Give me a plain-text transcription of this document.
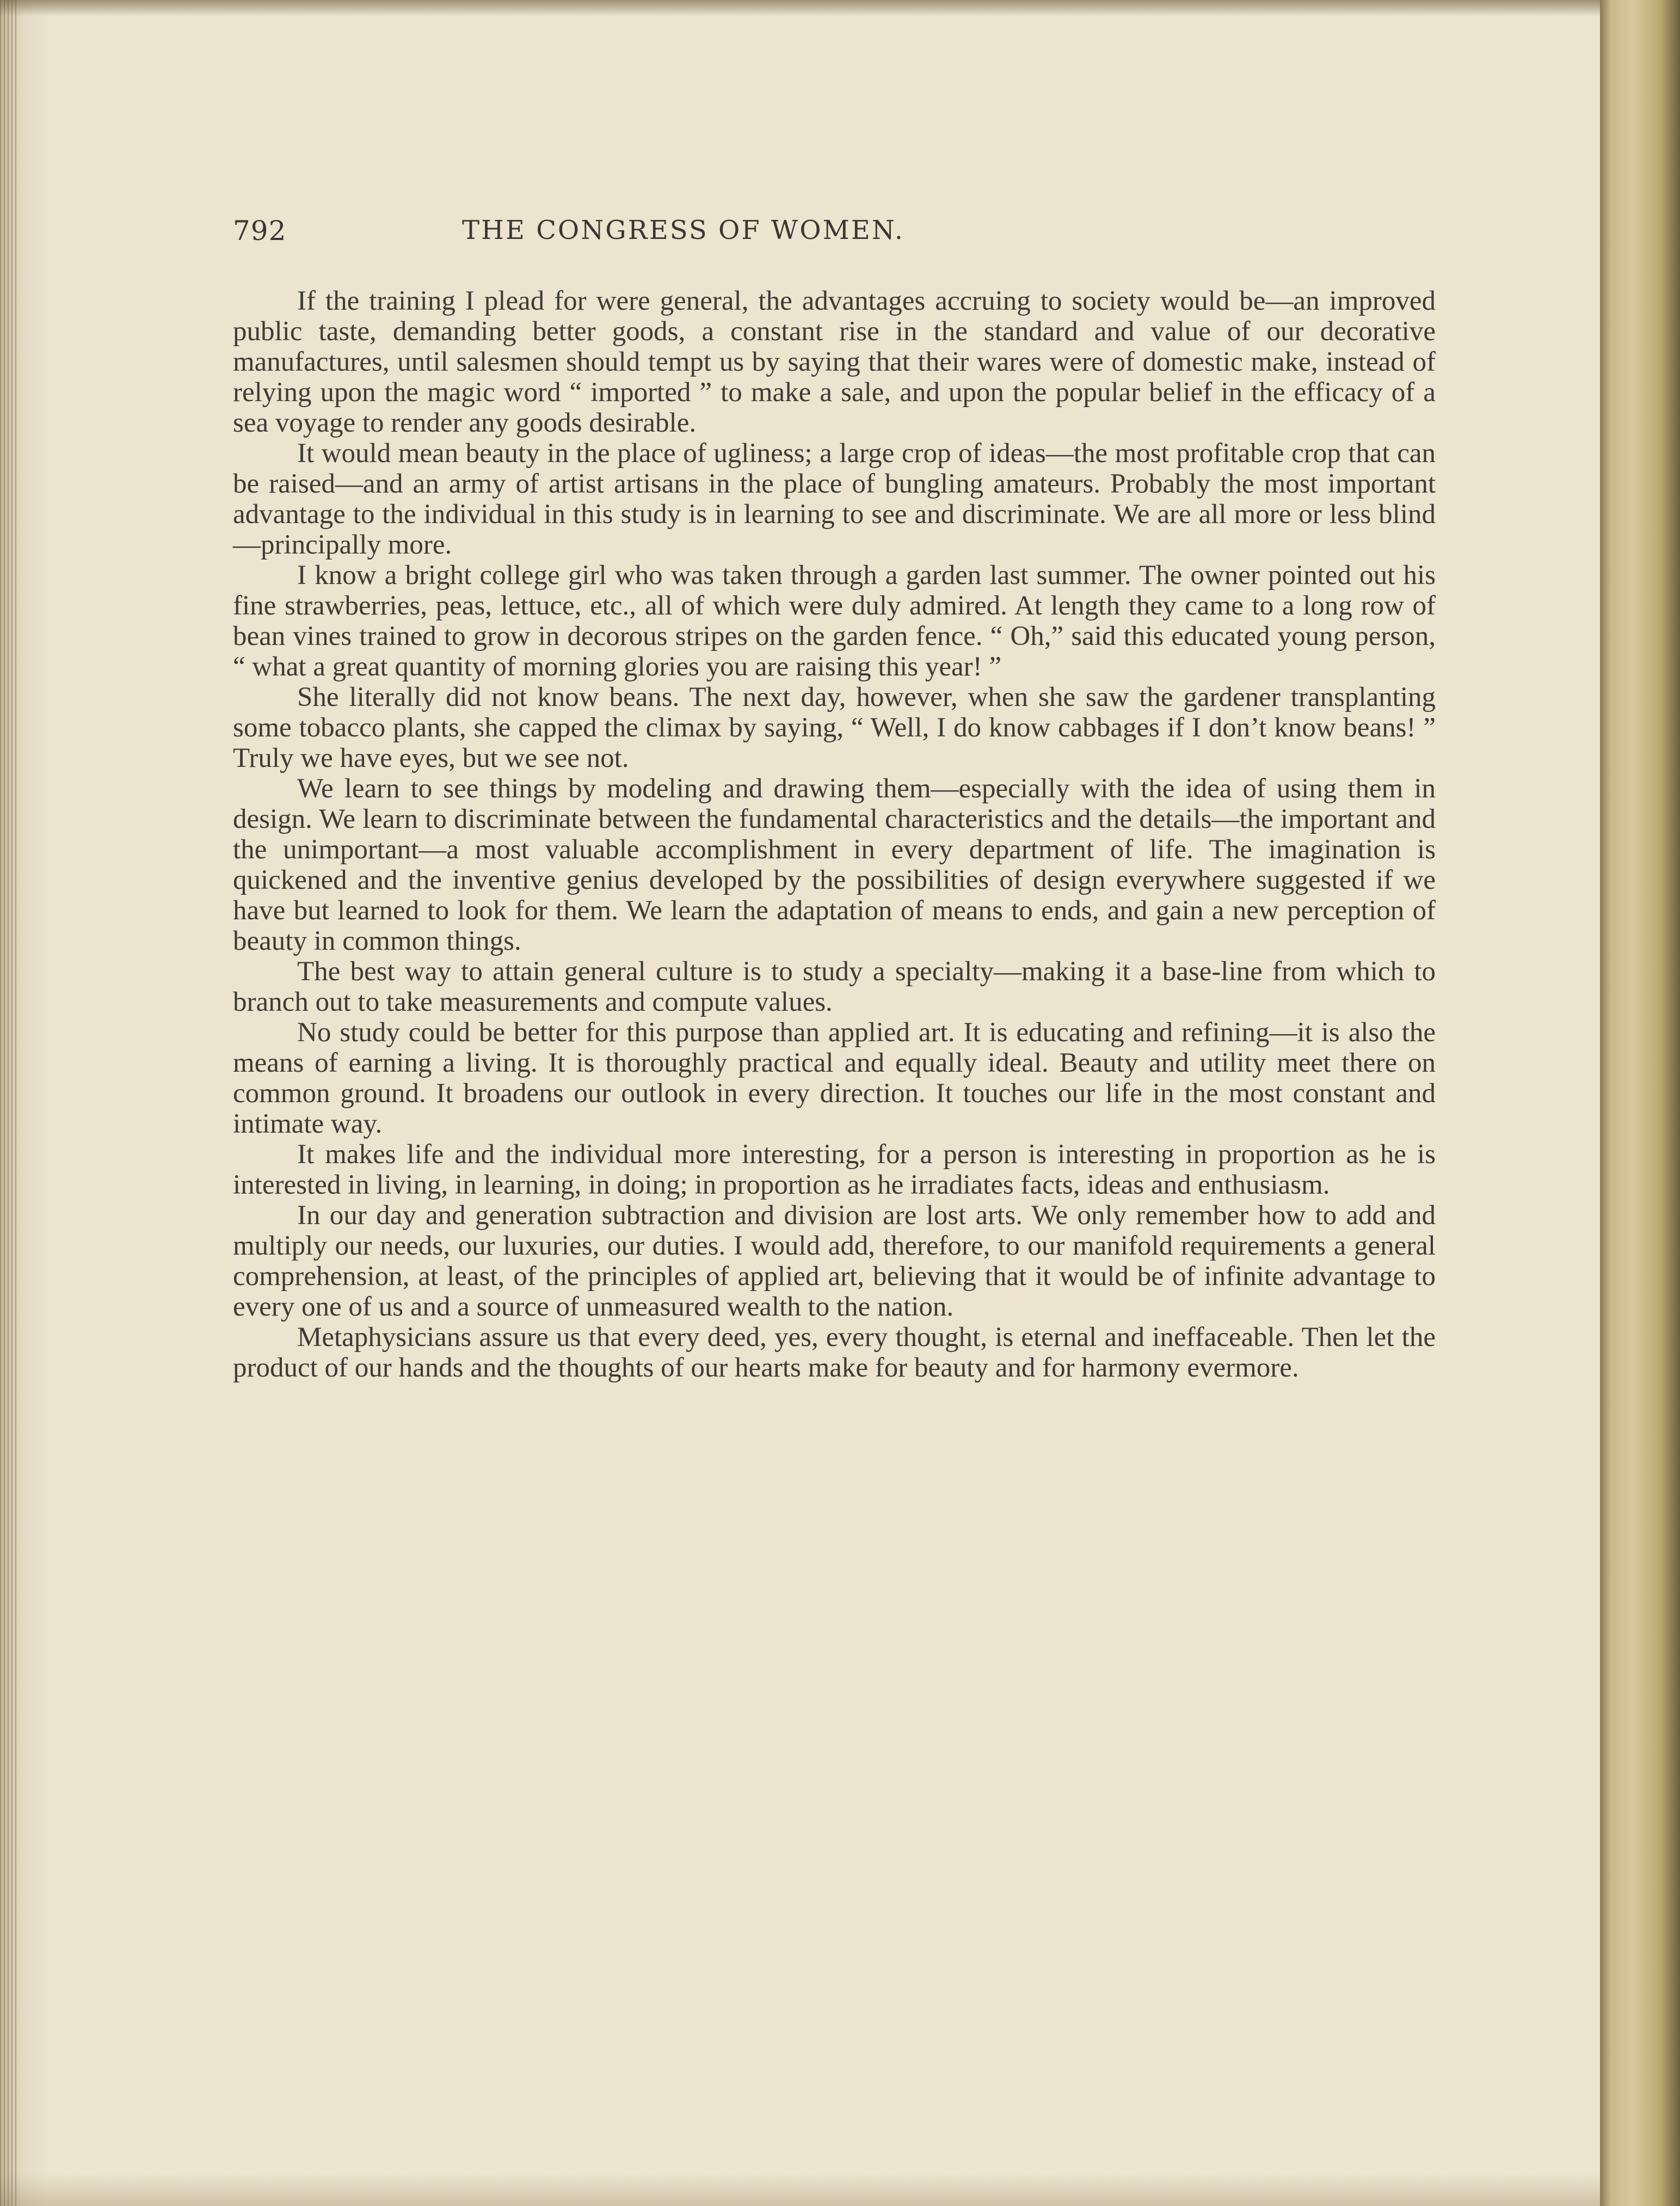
792	THE CONGRESS OF WOMEN.

If the training I plead for were general, the advantages accruing to society would be—an improved public taste, demanding better goods, a constant rise in the standard and value of our decorative manufactures, until salesmen should tempt us by saying that their wares were of domestic make, instead of relying upon the magic word “ imported ” to make a sale, and upon the popular belief in the efficacy of a sea voyage to render any goods desirable.

It would mean beauty in the place of ugliness; a large crop of ideas—the most profitable crop that can be raised—and an army of artist artisans in the place of bungling amateurs. Probably the most important advantage to the individual in this study is in learning to see and discriminate. We are all more or less blind—principally more.

I know a bright college girl who was taken through a garden last summer. The owner pointed out his fine strawberries, peas, lettuce, etc., all of which were duly admired. At length they came to a long row of bean vines trained to grow in decorous stripes on the garden fence. “ Oh,” said this educated young person, “ what a great quantity of morning glories you are raising this year! ”

She literally did not know beans. The next day, however, when she saw the gardener transplanting some tobacco plants, she capped the climax by saying, “ Well, I do know cabbages if I don’t know beans! ” Truly we have eyes, but we see not.

We learn to see things by modeling and drawing them—especially with the idea of using them in design. We learn to discriminate between the fundamental characteristics and the details—the important and the unimportant—a most valuable accomplishment in every department of life. The imagination is quickened and the inventive genius developed by the possibilities of design everywhere suggested if we have but learned to look for them. We learn the adaptation of means to ends, and gain a new perception of beauty in common things.

The best way to attain general culture is to study a specialty—making it a base-line from which to branch out to take measurements and compute values.

No study could be better for this purpose than applied art. It is educating and refining—it is also the means of earning a living. It is thoroughly practical and equally ideal. Beauty and utility meet there on common ground. It broadens our outlook in every direction. It touches our life in the most constant and intimate way.

It makes life and the individual more interesting, for a person is interesting in proportion as he is interested in living, in learning, in doing; in proportion as he irradiates facts, ideas and enthusiasm.

In our day and generation subtraction and division are lost arts. We only remember how to add and multiply our needs, our luxuries, our duties. I would add, therefore, to our manifold requirements a general comprehension, at least, of the principles of applied art, believing that it would be of infinite advantage to every one of us and a source of unmeasured wealth to the nation.

Metaphysicians assure us that every deed, yes, every thought, is eternal and ineffaceable. Then let the product of our hands and the thoughts of our hearts make for beauty and for harmony evermore.
